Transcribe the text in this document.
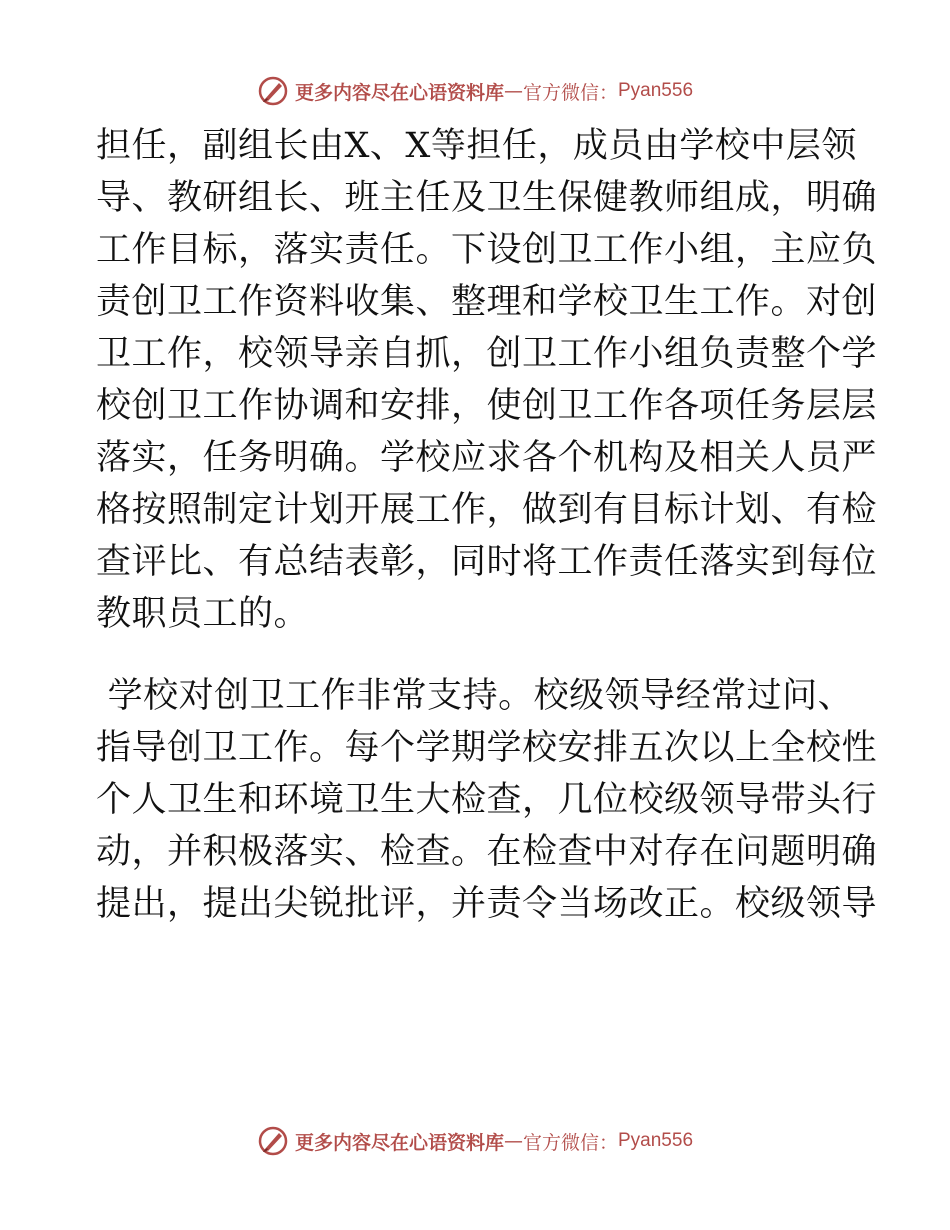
更多内容尽在心语资料库 — 官方微信： Pyan556
担任，副组长由X、X等担任，成员由学校中层领
导、教研组长、班主任及卫生保健教师组成，明确
工作目标，落实责任。下设创卫工作小组，主应负
责创卫工作资料收集、整理和学校卫生工作。对创
卫工作，校领导亲自抓，创卫工作小组负责整个学
校创卫工作协调和安排，使创卫工作各项任务层层
落实，任务明确。学校应求各个机构及相关人员严
格按照制定计划开展工作，做到有目标计划、有检
查评比、有总结表彰，同时将工作责任落实到每位
教职员工的。
学校对创卫工作非常支持。校级领导经常过问、
指导创卫工作。每个学期学校安排五次以上全校性
个人卫生和环境卫生大检查，几位校级领导带头行
动，并积极落实、检查。在检查中对存在问题明确
提出，提出尖锐批评，并责令当场改正。校级领导
更多内容尽在心语资料库 — 官方微信： Pyan556
